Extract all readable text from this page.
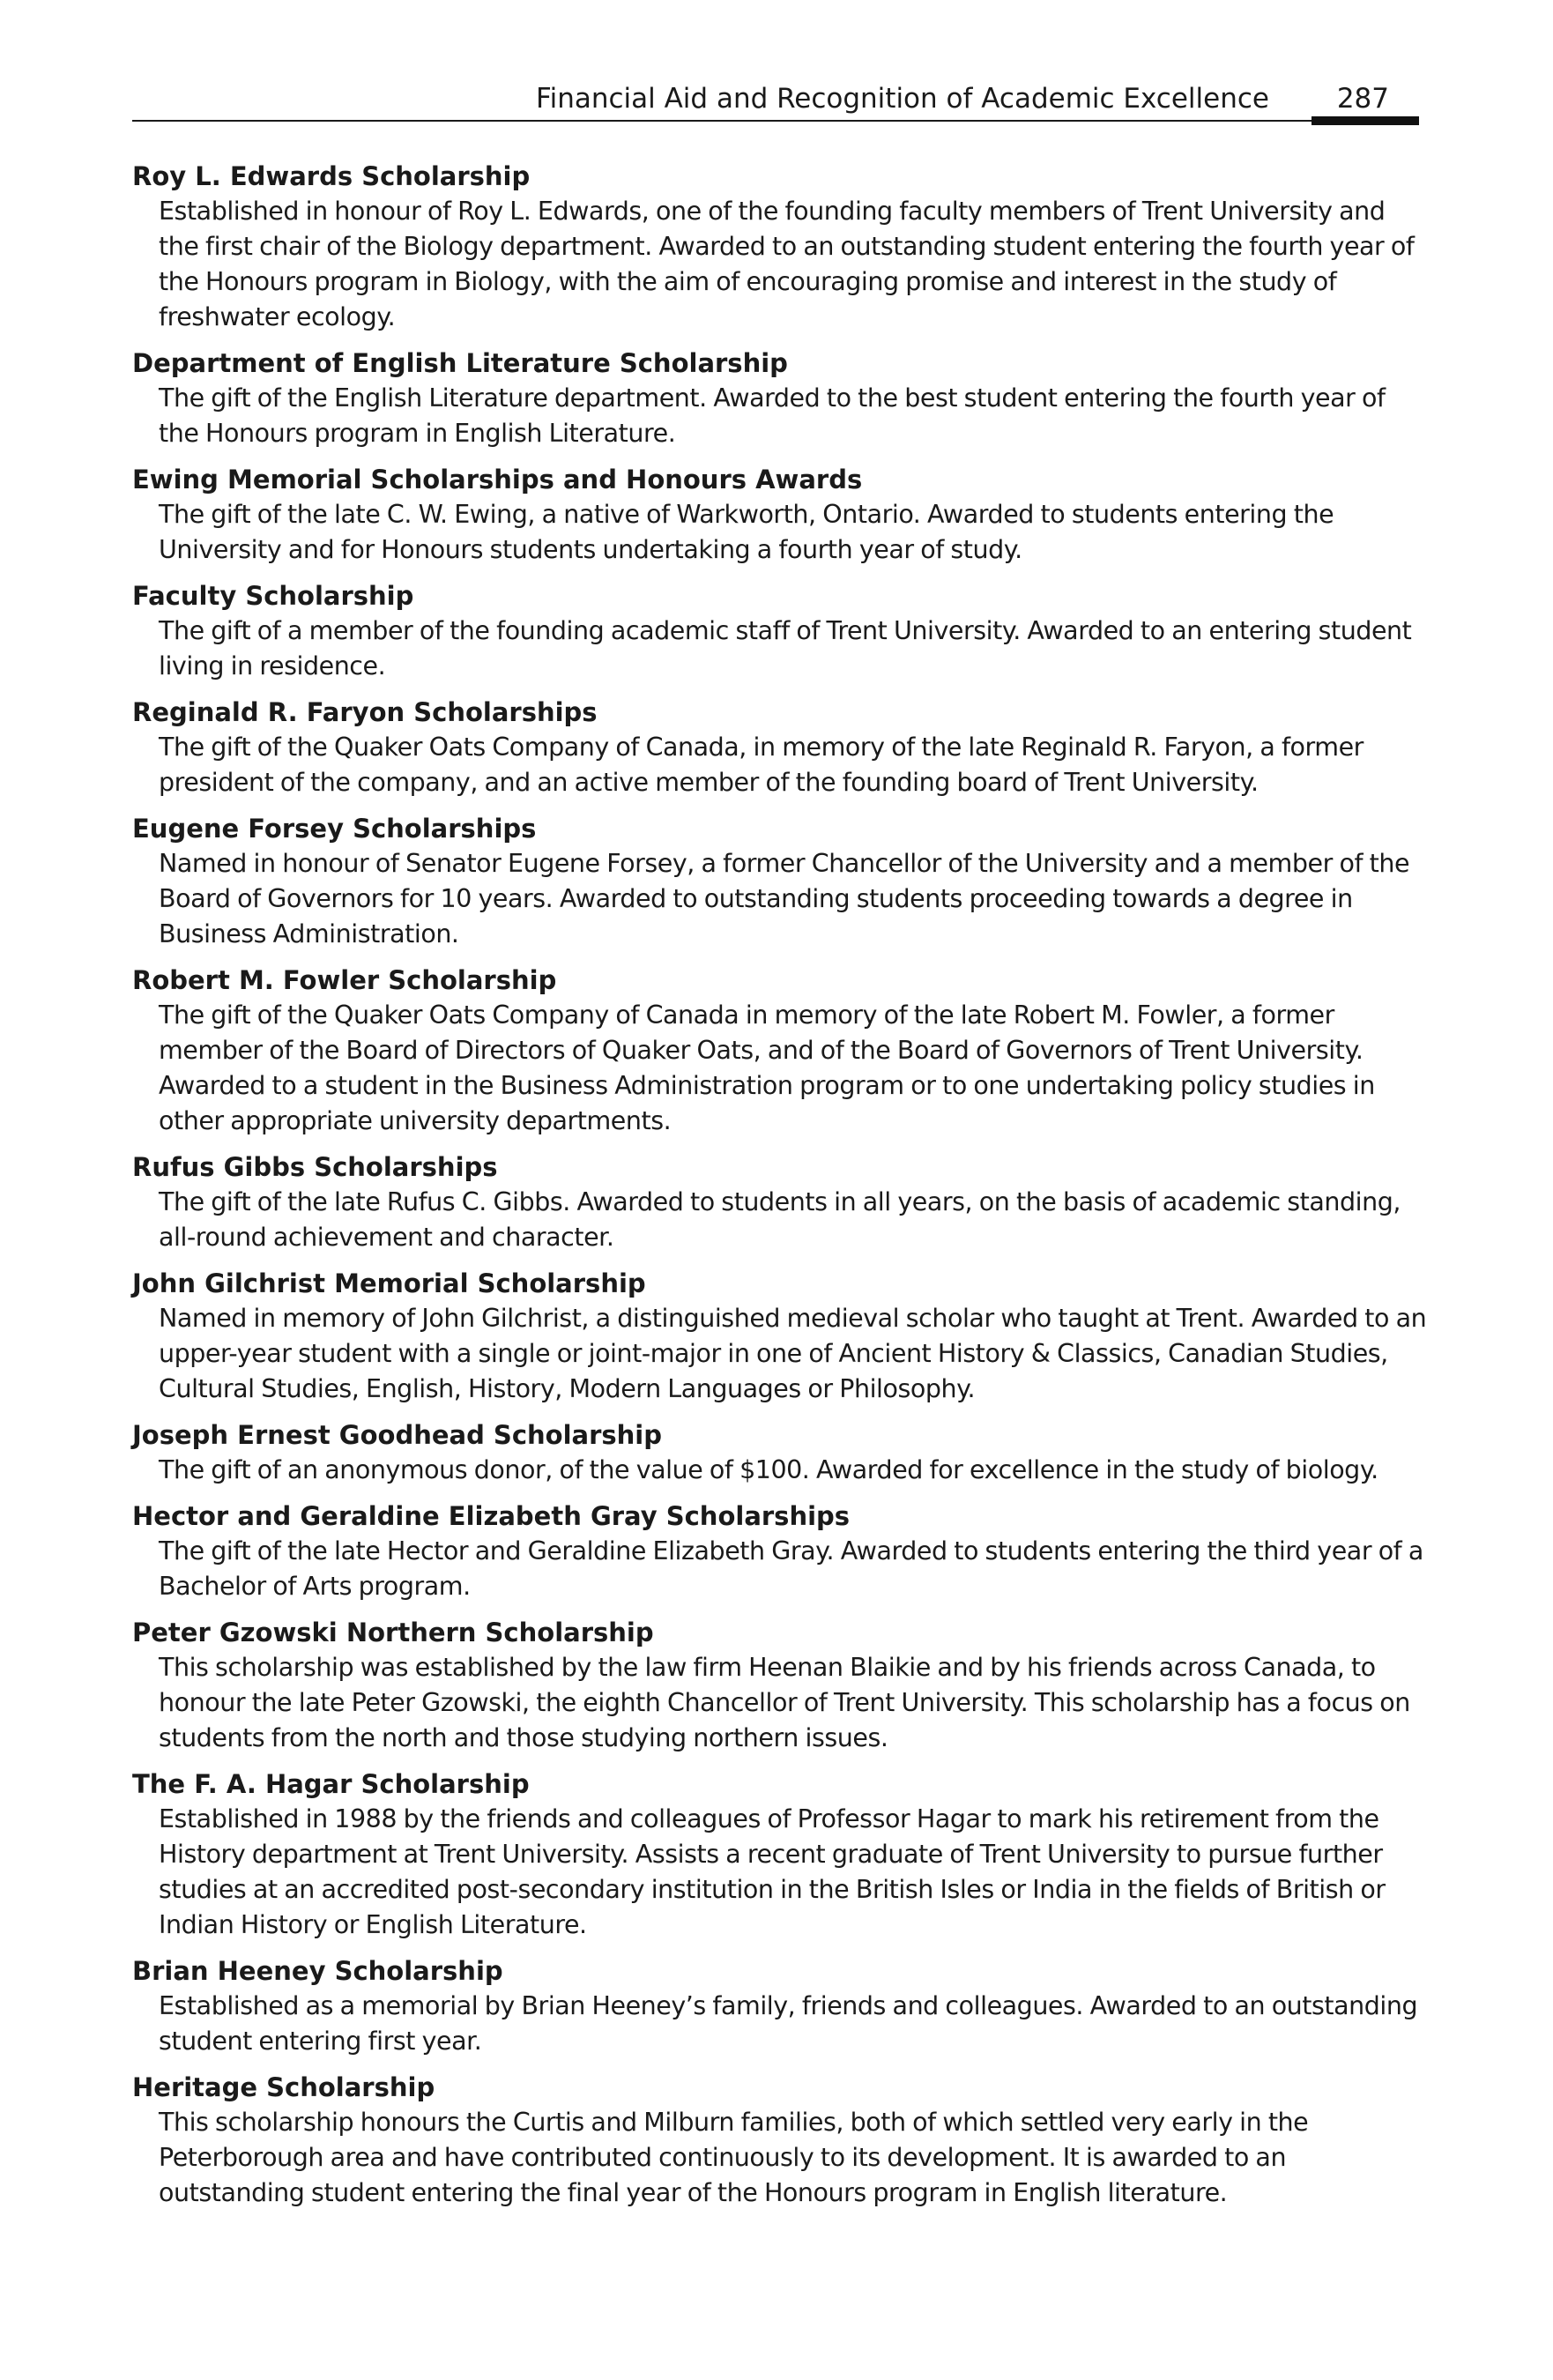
Financial Aid and Recognition of Academic Excellence 287
Roy L. Edwards Scholarship
Established in honour of Roy L. Edwards, one of the founding faculty members of Trent University and the first chair of the Biology department. Awarded to an outstanding student entering the fourth year of the Honours program in Biology, with the aim of encouraging promise and interest in the study of freshwater ecology.
Department of English Literature Scholarship
The gift of the English Literature department. Awarded to the best student entering the fourth year of the Honours program in English Literature.
Ewing Memorial Scholarships and Honours Awards
The gift of the late C. W. Ewing, a native of Warkworth, Ontario. Awarded to students entering the University and for Honours students undertaking a fourth year of study.
Faculty Scholarship
The gift of a member of the founding academic staff of Trent University. Awarded to an entering student living in residence.
Reginald R. Faryon Scholarships
The gift of the Quaker Oats Company of Canada, in memory of the late Reginald R. Faryon, a former president of the company, and an active member of the founding board of Trent University.
Eugene Forsey Scholarships
Named in honour of Senator Eugene Forsey, a former Chancellor of the University and a member of the Board of Governors for 10 years. Awarded to outstanding students proceeding towards a degree in Business Administration.
Robert M. Fowler Scholarship
The gift of the Quaker Oats Company of Canada in memory of the late Robert M. Fowler, a former member of the Board of Directors of Quaker Oats, and of the Board of Governors of Trent University. Awarded to a student in the Business Administration program or to one undertaking policy studies in other appropriate university departments.
Rufus Gibbs Scholarships
The gift of the late Rufus C. Gibbs. Awarded to students in all years, on the basis of academic standing, all-round achievement and character.
John Gilchrist Memorial Scholarship
Named in memory of John Gilchrist, a distinguished medieval scholar who taught at Trent. Awarded to an upper-year student with a single or joint-major in one of Ancient History & Classics, Canadian Studies, Cultural Studies, English, History, Modern Languages or Philosophy.
Joseph Ernest Goodhead Scholarship
The gift of an anonymous donor, of the value of $100. Awarded for excellence in the study of biology.
Hector and Geraldine Elizabeth Gray Scholarships
The gift of the late Hector and Geraldine Elizabeth Gray. Awarded to students entering the third year of a Bachelor of Arts program.
Peter Gzowski Northern Scholarship
This scholarship was established by the law firm Heenan Blaikie and by his friends across Canada, to honour the late Peter Gzowski, the eighth Chancellor of Trent University. This scholarship has a focus on students from the north and those studying northern issues.
The F. A. Hagar Scholarship
Established in 1988 by the friends and colleagues of Professor Hagar to mark his retirement from the History department at Trent University. Assists a recent graduate of Trent University to pursue further studies at an accredited post-secondary institution in the British Isles or India in the fields of British or Indian History or English Literature.
Brian Heeney Scholarship
Established as a memorial by Brian Heeney’s family, friends and colleagues. Awarded to an outstanding student entering first year.
Heritage Scholarship
This scholarship honours the Curtis and Milburn families, both of which settled very early in the Peterborough area and have contributed continuously to its development. It is awarded to an outstanding student entering the final year of the Honours program in English literature.
